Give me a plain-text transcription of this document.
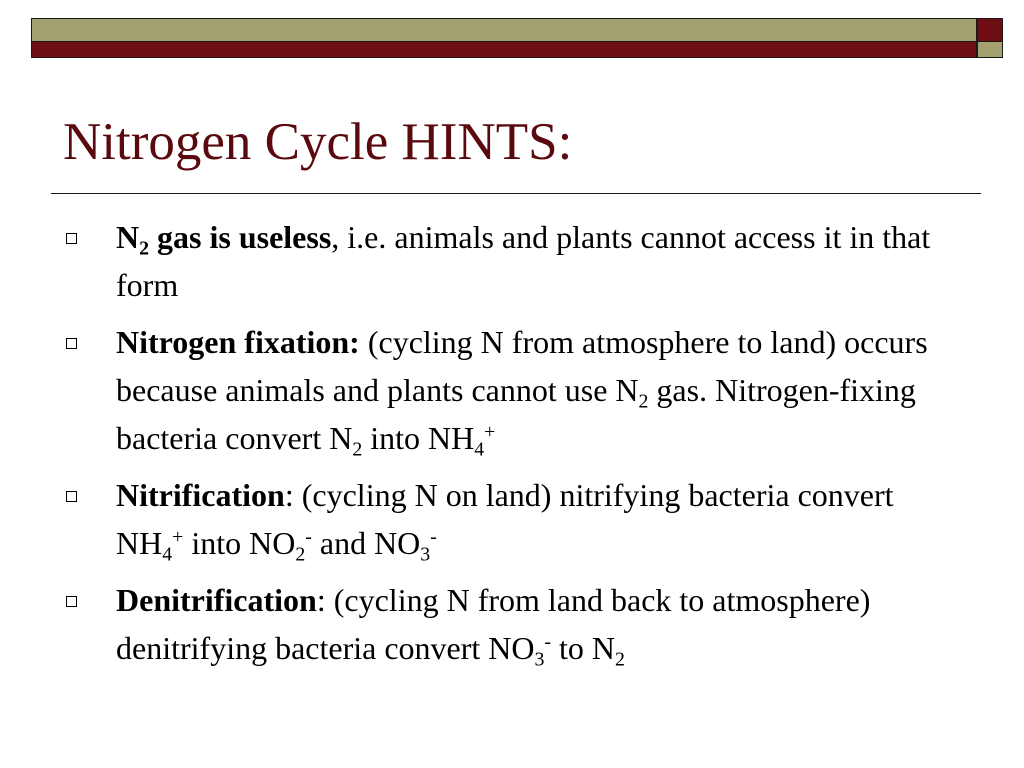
Nitrogen Cycle HINTS:
$N_2$ gas is useless, i.e. animals and plants cannot access it in that form
Nitrogen fixation: (cycling N from atmosphere to land) occurs because animals and plants cannot use $N_2$ gas. Nitrogen-fixing bacteria convert $N_2$ into $NH_4^+$
Nitrification: (cycling N on land) nitrifying bacteria convert $NH_4^+$ into $NO_2^-$ and $NO_3^-$
Denitrification: (cycling N from land back to atmosphere) denitrifying bacteria convert $NO_3^-$ to $N_2$
